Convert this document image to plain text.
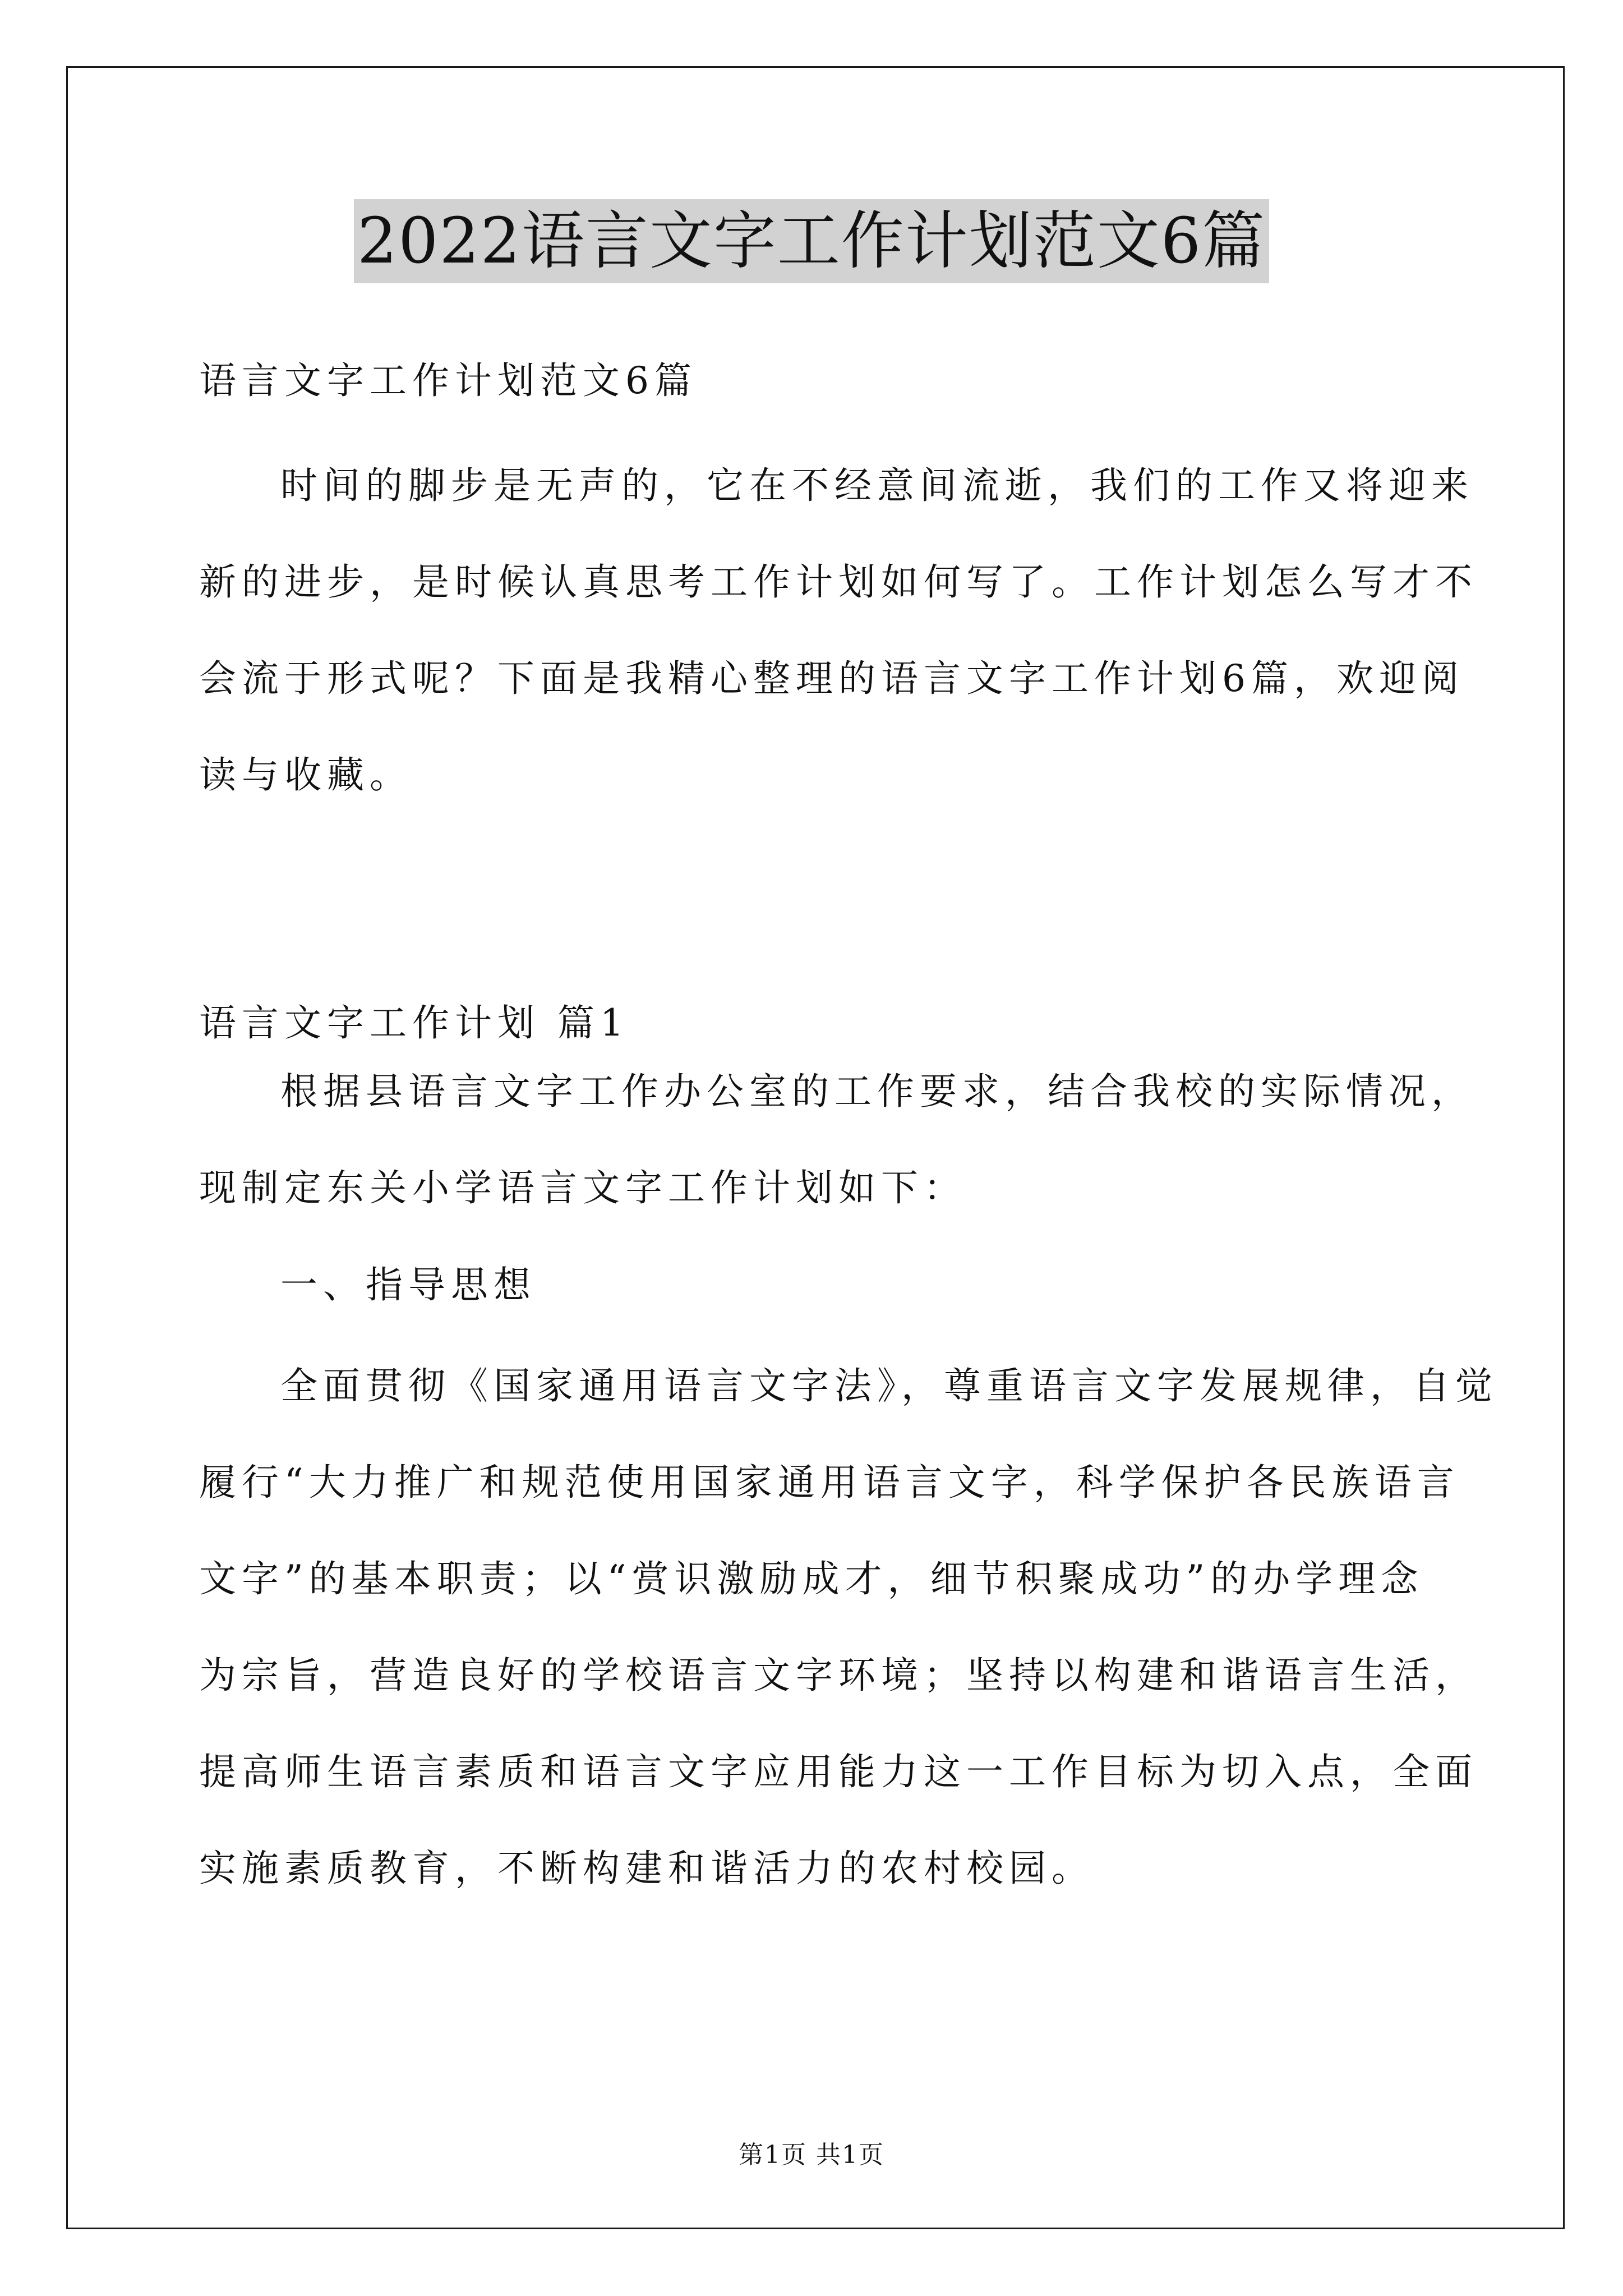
2022语言文字工作计划范文6篇

语言文字工作计划范文6篇

时间的脚步是无声的，它在不经意间流逝，我们的工作又将迎来
新的进步，是时候认真思考工作计划如何写了。工作计划怎么写才不
会流于形式呢？下面是我精心整理的语言文字工作计划6篇，欢迎阅
读与收藏。

语言文字工作计划 篇1

根据县语言文字工作办公室的工作要求，结合我校的实际情况，
现制定东关小学语言文字工作计划如下：
一、指导思想
全面贯彻《国家通用语言文字法》，尊重语言文字发展规律，自觉
履行“大力推广和规范使用国家通用语言文字，科学保护各民族语言
文字”的基本职责；以“赏识激励成才，细节积聚成功”的办学理念
为宗旨，营造良好的学校语言文字环境；坚持以构建和谐语言生活，
提高师生语言素质和语言文字应用能力这一工作目标为切入点，全面
实施素质教育，不断构建和谐活力的农村校园。
第1页 共1页
